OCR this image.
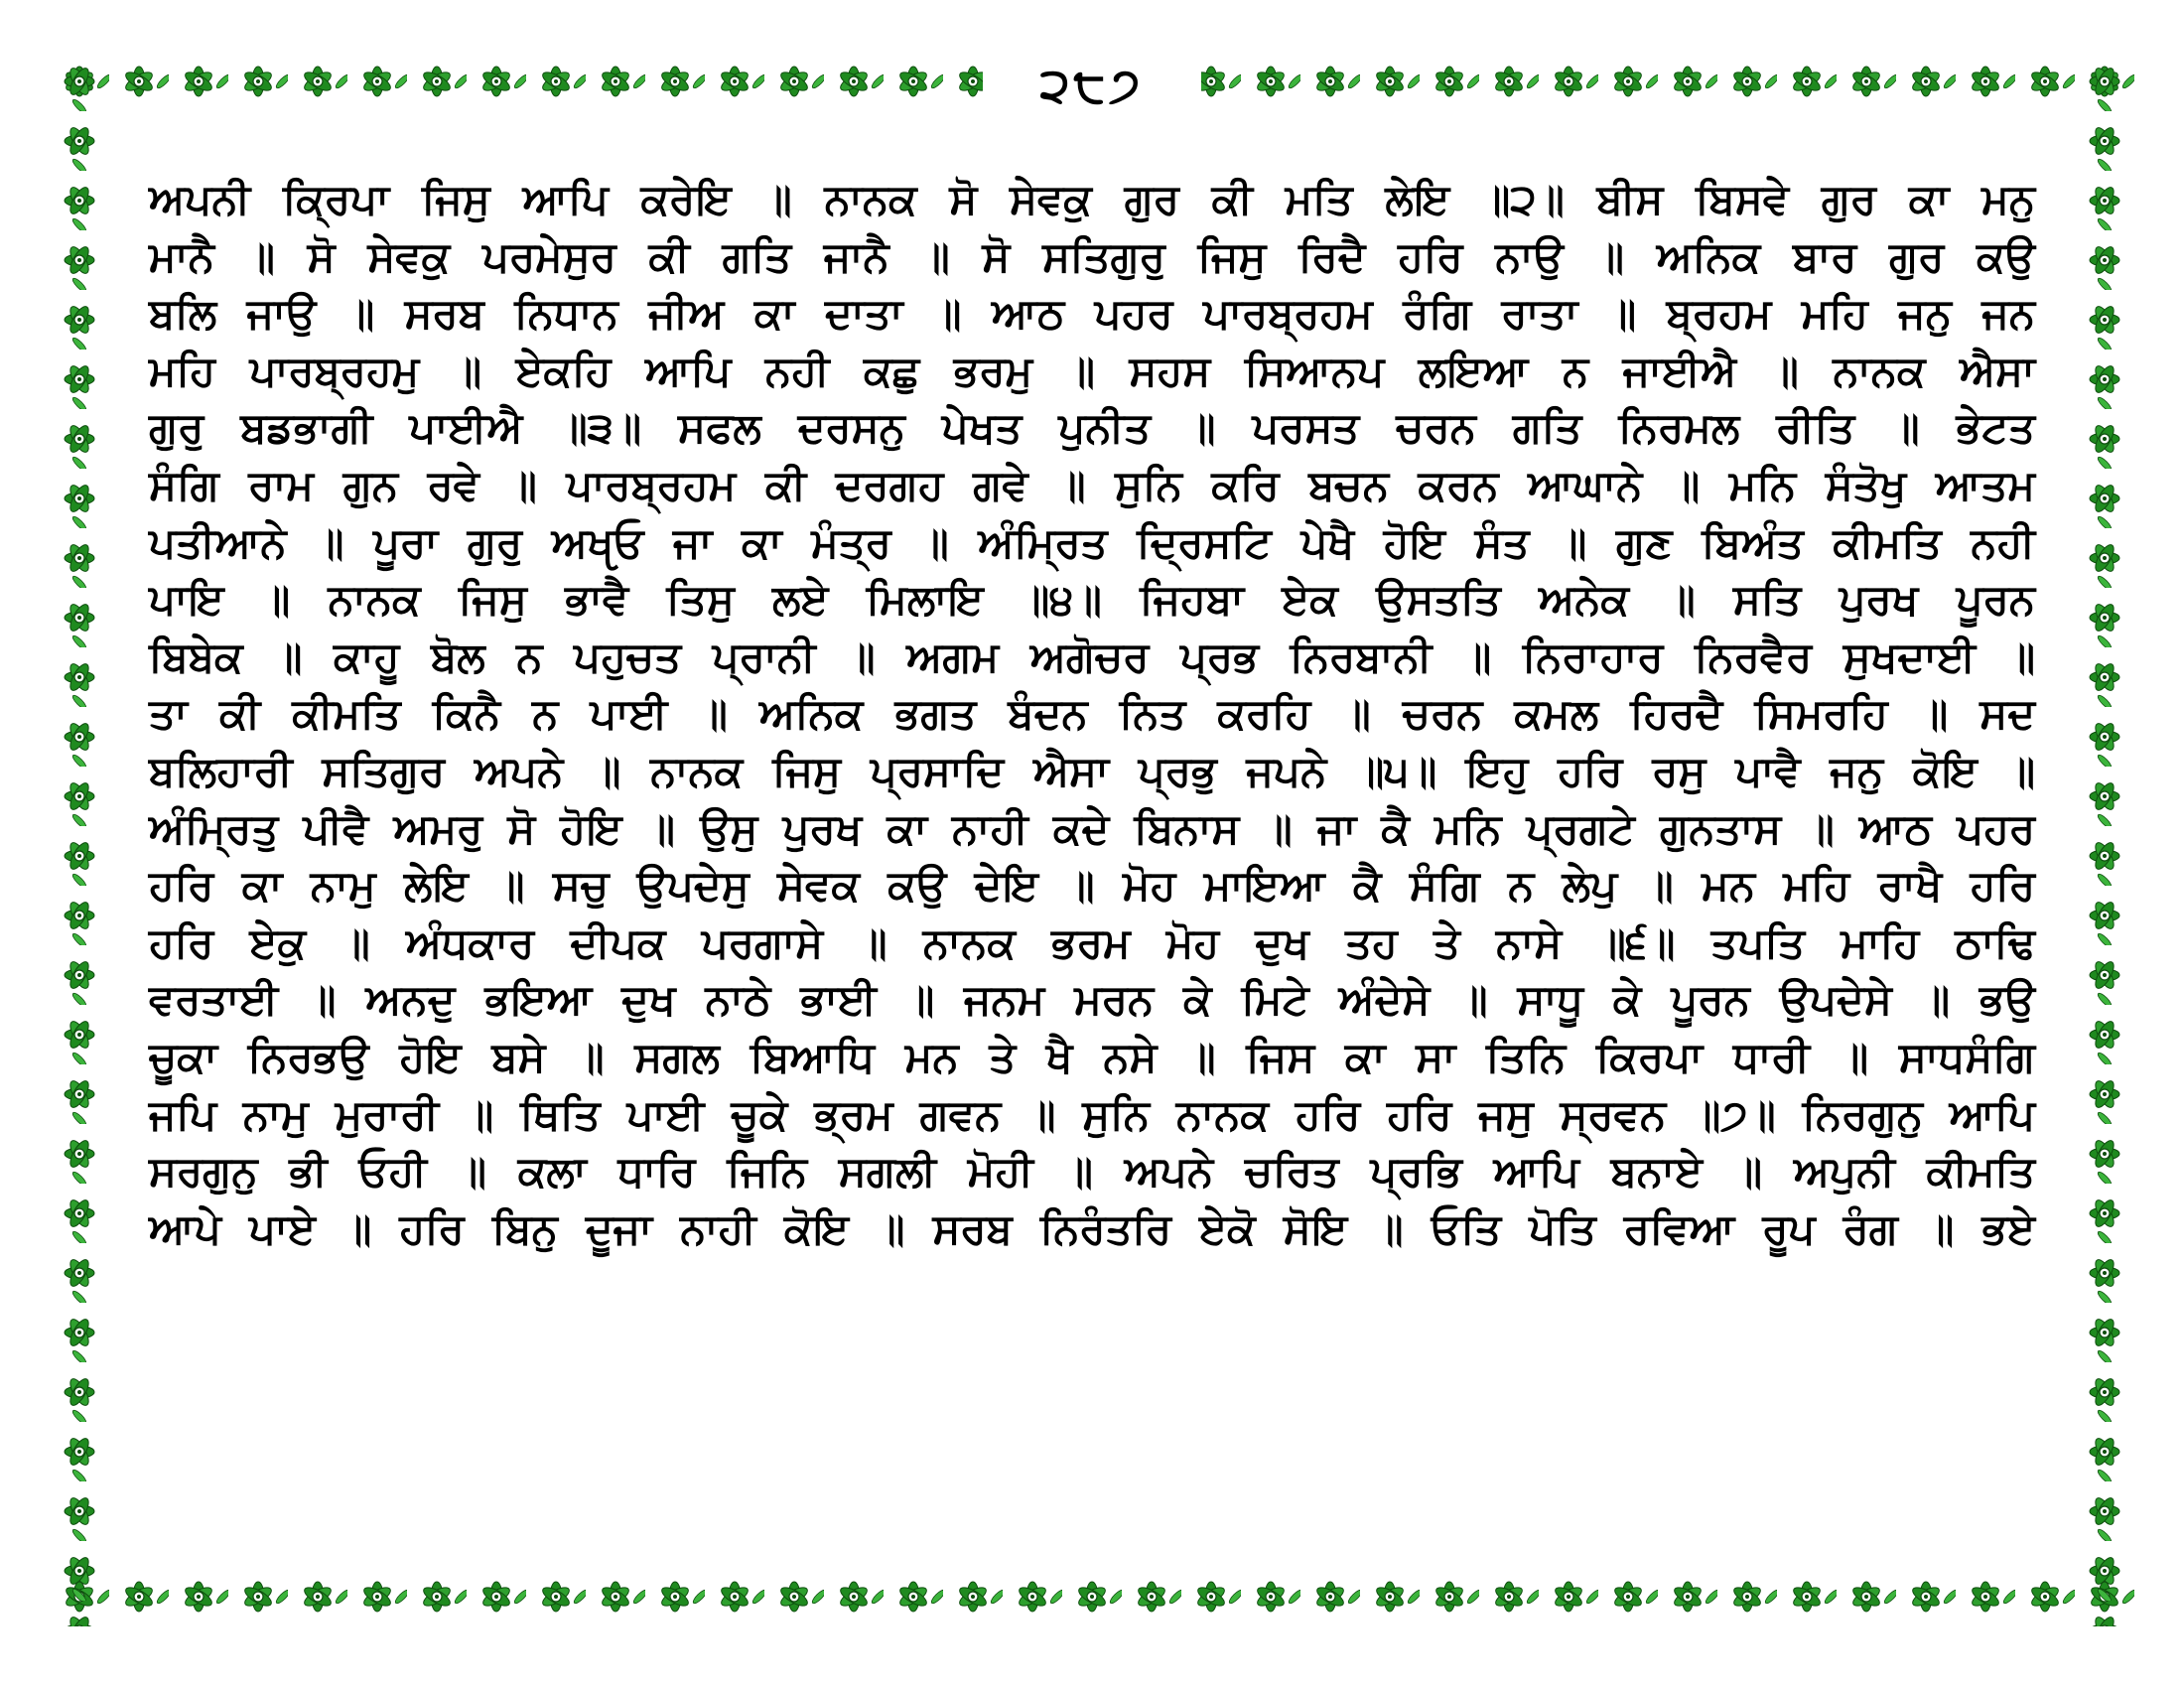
੨੮੭
ਅਪਨੀ ਕ੍ਰਿਪਾ ਜਿਸੁ ਆਪਿ ਕਰੇਇ ॥ ਨਾਨਕ ਸੋ ਸੇਵਕੁ ਗੁਰ ਕੀ ਮਤਿ ਲੇਇ ॥੨॥ ਬੀਸ ਬਿਸਵੇ ਗੁਰ ਕਾ ਮਨੁ
ਮਾਨੈ ॥ ਸੋ ਸੇਵਕੁ ਪਰਮੇਸੁਰ ਕੀ ਗਤਿ ਜਾਨੈ ॥ ਸੋ ਸਤਿਗੁਰੁ ਜਿਸੁ ਰਿਦੈ ਹਰਿ ਨਾਉ ॥ ਅਨਿਕ ਬਾਰ ਗੁਰ ਕਉ
ਬਲਿ ਜਾਉ ॥ ਸਰਬ ਨਿਧਾਨ ਜੀਅ ਕਾ ਦਾਤਾ ॥ ਆਠ ਪਹਰ ਪਾਰਬ੍ਰਹਮ ਰੰਗਿ ਰਾਤਾ ॥ ਬ੍ਰਹਮ ਮਹਿ ਜਨੁ ਜਨ
ਮਹਿ ਪਾਰਬ੍ਰਹਮੁ ॥ ਏਕਹਿ ਆਪਿ ਨਹੀ ਕਛੁ ਭਰਮੁ ॥ ਸਹਸ ਸਿਆਨਪ ਲਇਆ ਨ ਜਾਈਐ ॥ ਨਾਨਕ ਐਸਾ
ਗੁਰੁ ਬਡਭਾਗੀ ਪਾਈਐ ॥੩॥ ਸਫਲ ਦਰਸਨੁ ਪੇਖਤ ਪੁਨੀਤ ॥ ਪਰਸਤ ਚਰਨ ਗਤਿ ਨਿਰਮਲ ਰੀਤਿ ॥ ਭੇਟਤ
ਸੰਗਿ ਰਾਮ ਗੁਨ ਰਵੇ ॥ ਪਾਰਬ੍ਰਹਮ ਕੀ ਦਰਗਹ ਗਵੇ ॥ ਸੁਨਿ ਕਰਿ ਬਚਨ ਕਰਨ ਆਘਾਨੇ ॥ ਮਨਿ ਸੰਤੋਖੁ ਆਤਮ
ਪਤੀਆਨੇ ॥ ਪੂਰਾ ਗੁਰੁ ਅਖੵਓ ਜਾ ਕਾ ਮੰਤ੍ਰ ॥ ਅੰਮ੍ਰਿਤ ਦ੍ਰਿਸਟਿ ਪੇਖੈ ਹੋਇ ਸੰਤ ॥ ਗੁਣ ਬਿਅੰਤ ਕੀਮਤਿ ਨਹੀ
ਪਾਇ ॥ ਨਾਨਕ ਜਿਸੁ ਭਾਵੈ ਤਿਸੁ ਲਏ ਮਿਲਾਇ ॥੪॥ ਜਿਹਬਾ ਏਕ ਉਸਤਤਿ ਅਨੇਕ ॥ ਸਤਿ ਪੁਰਖ ਪੂਰਨ
ਬਿਬੇਕ ॥ ਕਾਹੂ ਬੋਲ ਨ ਪਹੁਚਤ ਪ੍ਰਾਨੀ ॥ ਅਗਮ ਅਗੋਚਰ ਪ੍ਰਭ ਨਿਰਬਾਨੀ ॥ ਨਿਰਾਹਾਰ ਨਿਰਵੈਰ ਸੁਖਦਾਈ ॥
ਤਾ ਕੀ ਕੀਮਤਿ ਕਿਨੈ ਨ ਪਾਈ ॥ ਅਨਿਕ ਭਗਤ ਬੰਦਨ ਨਿਤ ਕਰਹਿ ॥ ਚਰਨ ਕਮਲ ਹਿਰਦੈ ਸਿਮਰਹਿ ॥ ਸਦ
ਬਲਿਹਾਰੀ ਸਤਿਗੁਰ ਅਪਨੇ ॥ ਨਾਨਕ ਜਿਸੁ ਪ੍ਰਸਾਦਿ ਐਸਾ ਪ੍ਰਭੁ ਜਪਨੇ ॥੫॥ ਇਹੁ ਹਰਿ ਰਸੁ ਪਾਵੈ ਜਨੁ ਕੋਇ ॥
ਅੰਮ੍ਰਿਤੁ ਪੀਵੈ ਅਮਰੁ ਸੋ ਹੋਇ ॥ ਉਸੁ ਪੁਰਖ ਕਾ ਨਾਹੀ ਕਦੇ ਬਿਨਾਸ ॥ ਜਾ ਕੈ ਮਨਿ ਪ੍ਰਗਟੇ ਗੁਨਤਾਸ ॥ ਆਠ ਪਹਰ
ਹਰਿ ਕਾ ਨਾਮੁ ਲੇਇ ॥ ਸਚੁ ਉਪਦੇਸੁ ਸੇਵਕ ਕਉ ਦੇਇ ॥ ਮੋਹ ਮਾਇਆ ਕੈ ਸੰਗਿ ਨ ਲੇਪੁ ॥ ਮਨ ਮਹਿ ਰਾਖੈ ਹਰਿ
ਹਰਿ ਏਕੁ ॥ ਅੰਧਕਾਰ ਦੀਪਕ ਪਰਗਾਸੇ ॥ ਨਾਨਕ ਭਰਮ ਮੋਹ ਦੁਖ ਤਹ ਤੇ ਨਾਸੇ ॥੬॥ ਤਪਤਿ ਮਾਹਿ ਠਾਢਿ
ਵਰਤਾਈ ॥ ਅਨਦੁ ਭਇਆ ਦੁਖ ਨਾਠੇ ਭਾਈ ॥ ਜਨਮ ਮਰਨ ਕੇ ਮਿਟੇ ਅੰਦੇਸੇ ॥ ਸਾਧੂ ਕੇ ਪੂਰਨ ਉਪਦੇਸੇ ॥ ਭਉ
ਚੂਕਾ ਨਿਰਭਉ ਹੋਇ ਬਸੇ ॥ ਸਗਲ ਬਿਆਧਿ ਮਨ ਤੇ ਖੈ ਨਸੇ ॥ ਜਿਸ ਕਾ ਸਾ ਤਿਨਿ ਕਿਰਪਾ ਧਾਰੀ ॥ ਸਾਧਸੰਗਿ
ਜਪਿ ਨਾਮੁ ਮੁਰਾਰੀ ॥ ਥਿਤਿ ਪਾਈ ਚੂਕੇ ਭ੍ਰਮ ਗਵਨ ॥ ਸੁਨਿ ਨਾਨਕ ਹਰਿ ਹਰਿ ਜਸੁ ਸ੍ਰਵਨ ॥੭॥ ਨਿਰਗੁਨੁ ਆਪਿ
ਸਰਗੁਨੁ ਭੀ ਓਹੀ ॥ ਕਲਾ ਧਾਰਿ ਜਿਨਿ ਸਗਲੀ ਮੋਹੀ ॥ ਅਪਨੇ ਚਰਿਤ ਪ੍ਰਭਿ ਆਪਿ ਬਨਾਏ ॥ ਅਪੁਨੀ ਕੀਮਤਿ
ਆਪੇ ਪਾਏ ॥ ਹਰਿ ਬਿਨੁ ਦੂਜਾ ਨਾਹੀ ਕੋਇ ॥ ਸਰਬ ਨਿਰੰਤਰਿ ਏਕੋ ਸੋਇ ॥ ਓਤਿ ਪੋਤਿ ਰਵਿਆ ਰੂਪ ਰੰਗ ॥ ਭਏ
